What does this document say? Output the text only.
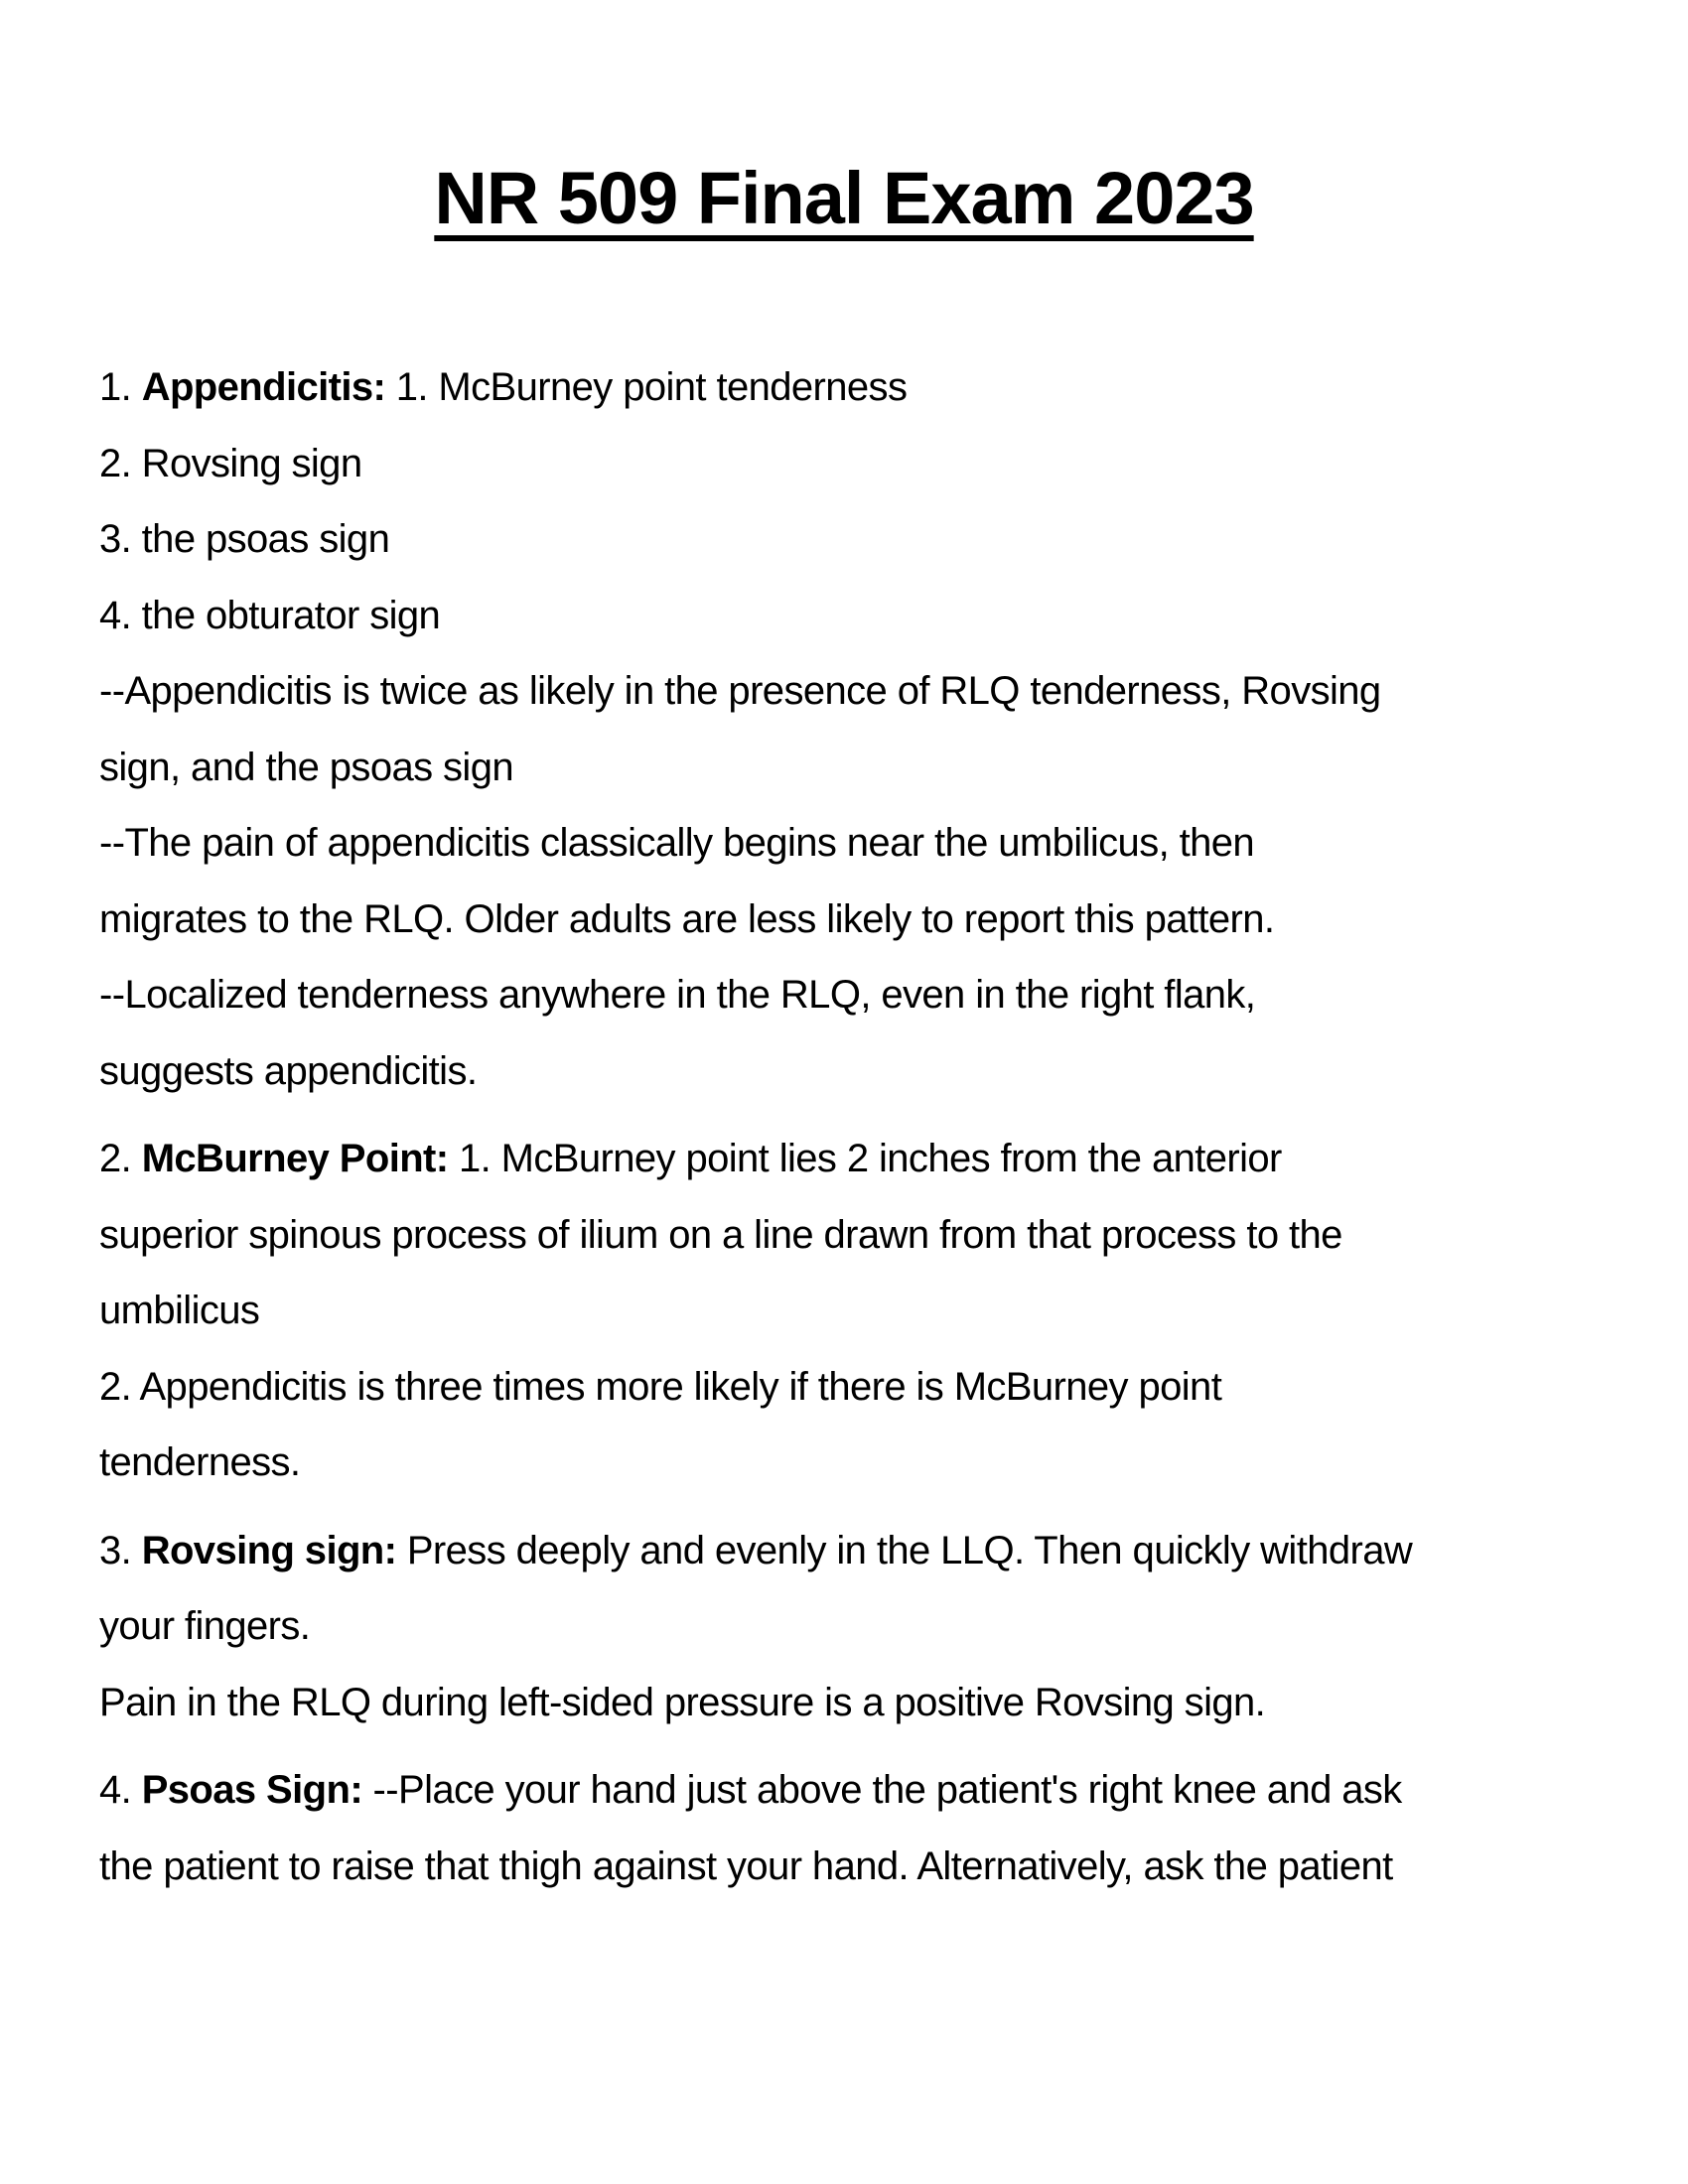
NR 509 Final Exam 2023
1. Appendicitis: 1. McBurney point tenderness
2. Rovsing sign
3. the psoas sign
4. the obturator sign
--Appendicitis is twice as likely in the presence of RLQ tenderness, Rovsing
sign, and the psoas sign
--The pain of appendicitis classically begins near the umbilicus, then
migrates to the RLQ. Older adults are less likely to report this pattern.
--Localized tenderness anywhere in the RLQ, even in the right flank,
suggests appendicitis.
2. McBurney Point: 1. McBurney point lies 2 inches from the anterior
superior spinous process of ilium on a line drawn from that process to the
umbilicus
2. Appendicitis is three times more likely if there is McBurney point
tenderness.
3. Rovsing sign: Press deeply and evenly in the LLQ. Then quickly withdraw
your fingers.
Pain in the RLQ during left-sided pressure is a positive Rovsing sign.
4. Psoas Sign: --Place your hand just above the patient's right knee and ask
the patient to raise that thigh against your hand. Alternatively, ask the patient
